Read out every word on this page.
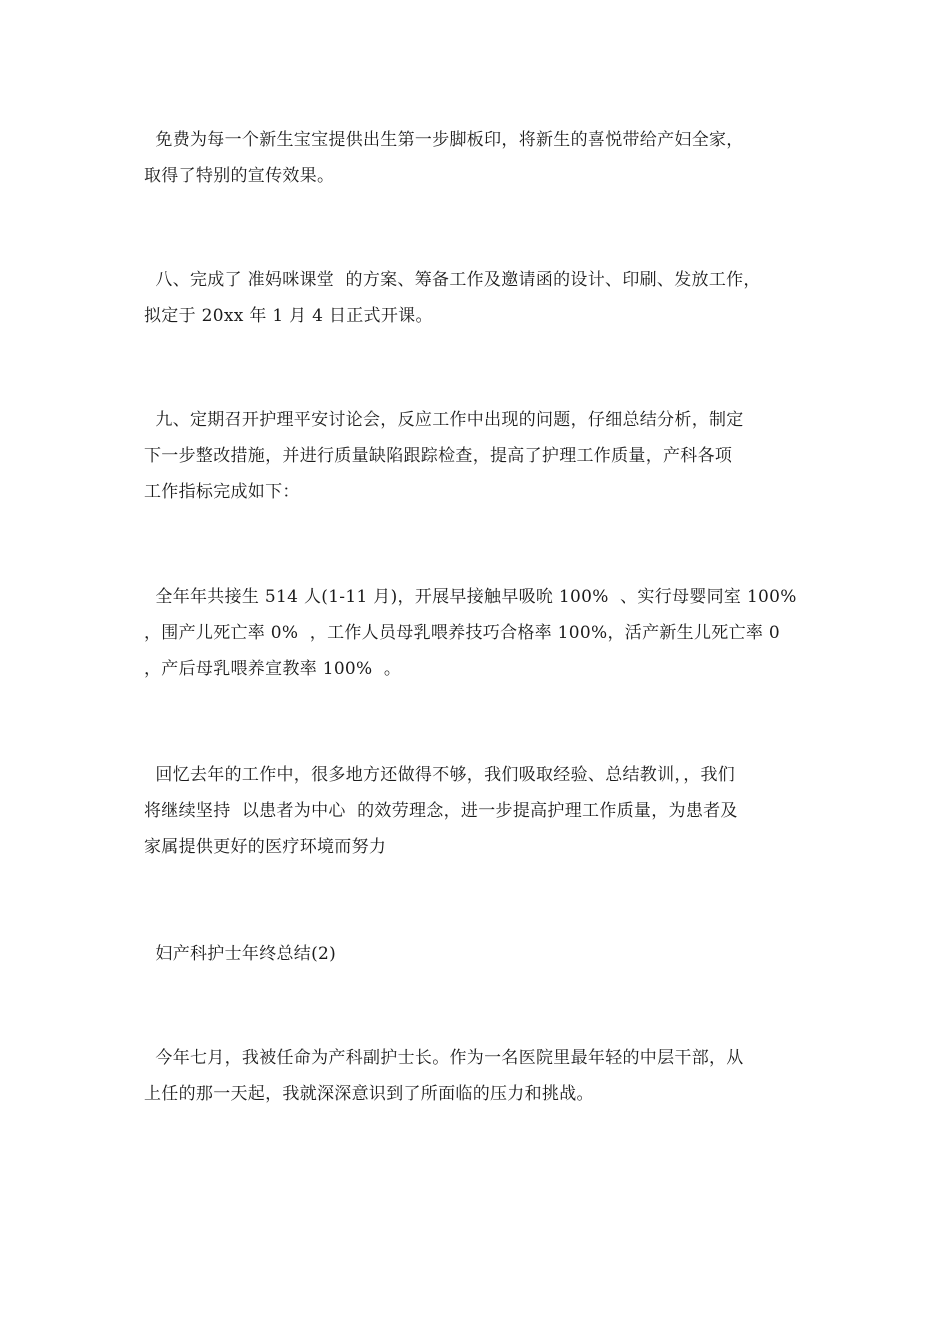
免费为每一个新生宝宝提供出生第一步脚板印，将新生的喜悦带给产妇全家，
取得了特别的宣传效果。

八、完成了 准妈咪课堂  的方案、筹备工作及邀请函的设计、印刷、发放工作，
拟定于 20xx 年 1 月 4 日正式开课。

九、定期召开护理平安讨论会，反应工作中出现的问题，仔细总结分析，制定
下一步整改措施，并进行质量缺陷跟踪检查，提高了护理工作质量，产科各项
工作指标完成如下：

全年年共接生 514 人(1-11 月)，开展早接触早吸吮 100%  、实行母婴同室 100%
，围产儿死亡率 0%  ，工作人员母乳喂养技巧合格率 100%，活产新生儿死亡率 0
，产后母乳喂养宣教率 100%  。

回忆去年的工作中，很多地方还做得不够，我们吸取经验、总结教训，，我们
将继续坚持  以患者为中心  的效劳理念，进一步提高护理工作质量，为患者及
家属提供更好的医疗环境而努力

妇产科护士年终总结(2)

今年七月，我被任命为产科副护士长。作为一名医院里最年轻的中层干部，从
上任的那一天起，我就深深意识到了所面临的压力和挑战。
